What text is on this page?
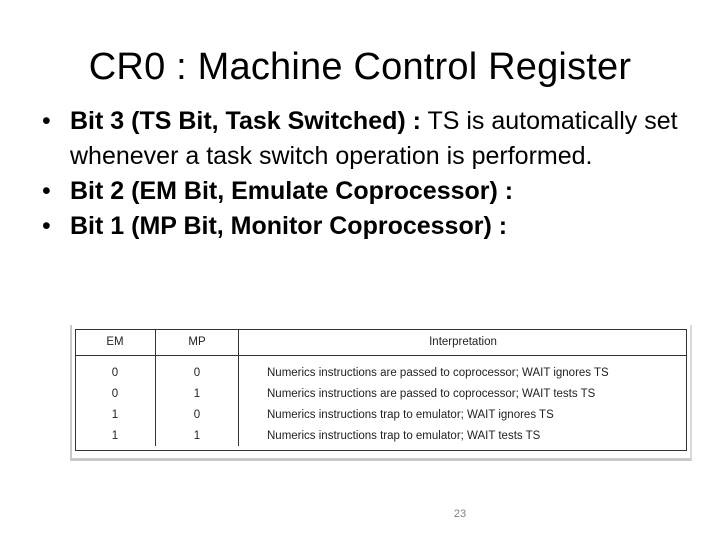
CR0 : Machine Control Register
• Bit 3 (TS Bit, Task Switched) : TS is automatically set whenever a task switch operation is performed.
• Bit 2 (EM Bit, Emulate Coprocessor) :
• Bit 1 (MP Bit, Monitor Coprocessor) :
EM	MP	Interpretation
0	0	Numerics instructions are passed to coprocessor; WAIT ignores TS
0	1	Numerics instructions are passed to coprocessor; WAIT tests TS
1	0	Numerics instructions trap to emulator; WAIT ignores TS
1	1	Numerics instructions trap to emulator; WAIT tests TS
23
